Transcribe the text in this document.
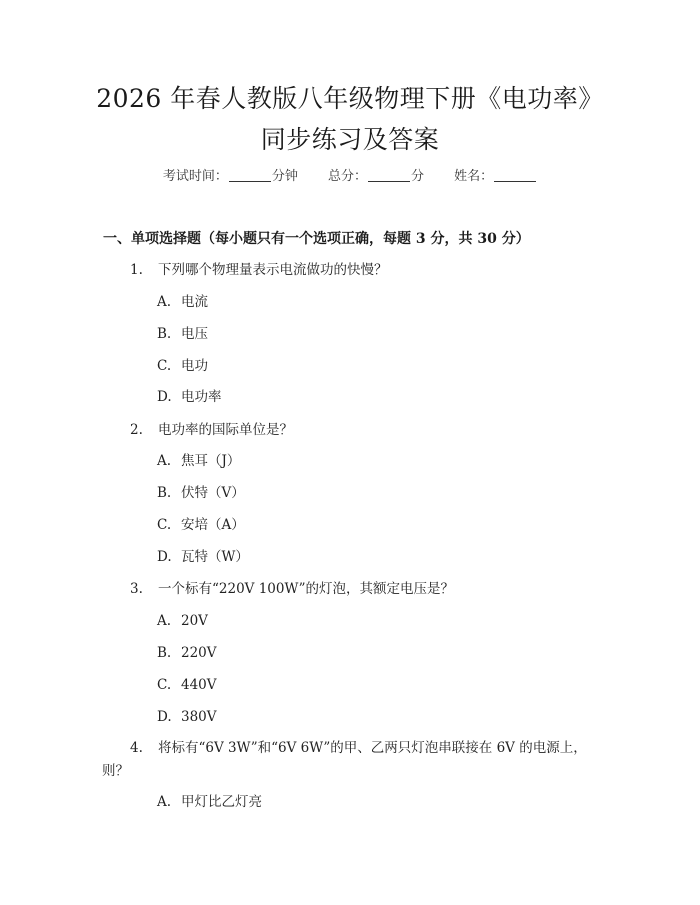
2026 年春人教版八年级物理下册《电功率》
同步练习及答案
考试时间：	分钟 总分：	分 姓名：
一、单项选择题（每小题只有一个选项正确，每题 3 分，共 30 分）
1. 下列哪个物理量表示电流做功的快慢？
A. 电流
B. 电压
C. 电功
D. 电功率
2. 电功率的国际单位是？
A. 焦耳（J）
B. 伏特（V）
C. 安培（A）
D. 瓦特（W）
3. 一个标有“220V 100W”的灯泡，其额定电压是？
A. 20V
B. 220V
C. 440V
D. 380V
4. 将标有“6V 3W”和“6V 6W”的甲、乙两只灯泡串联接在 6V 的电源上，
则？
A. 甲灯比乙灯亮
